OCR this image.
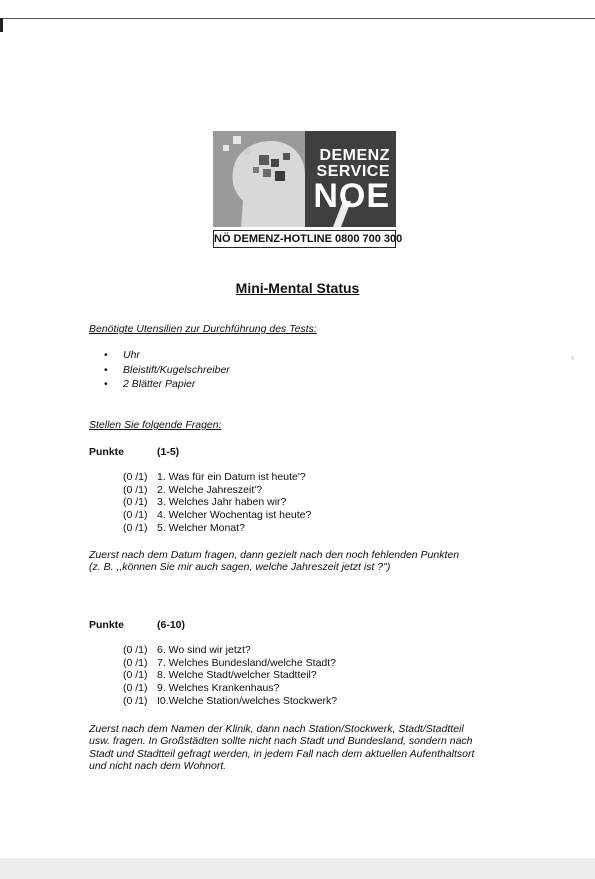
DEMENZ
SERVICE
NOE
NÖ DEMENZ-HOTLINE 0800 700 300
Mini-Mental Status
Benötigte Utensilien zur Durchführung des Tests:
• Uhr
• Bleistift/Kugelschreiber
• 2 Blätter Papier
Stellen Sie folgende Fragen:
Punkte	(1-5)
(0 /1) 1. Was für ein Datum ist heute'?
(0 /1) 2. Welche Jahreszeit'?
(0 /1) 3. Welches Jahr haben wir?
(0 /1) 4. Welcher Wochentag ist heute?
(0 /1) 5. Welcher Monat?
Zuerst nach dem Datum fragen, dann gezielt nach den noch fehlenden Punkten
(z. B. ,,können Sie mir auch sagen, welche Jahreszeit jetzt ist ?")
Punkte	(6-10)
(0 /1) 6. Wo sind wir jetzt?
(0 /1) 7. Welches Bundesland/welche Stadt?
(0 /1) 8. Welche Stadt/welcher Stadtteil?
(0 /1) 9. Welches Krankenhaus?
(0 /1) I0.Welche Station/welches Stockwerk?
Zuerst nach dem Namen der Klinik, dann nach Station/Stockwerk, Stadt/Stadtteil
usw. fragen. In Großstädten sollte nicht nach Stadt und Bundesland, sondern nach
Stadt und Stadtteil gefragt werden, in jedem Fall nach dem aktuellen Aufenthaltsort
und nicht nach dem Wohnort.
›
